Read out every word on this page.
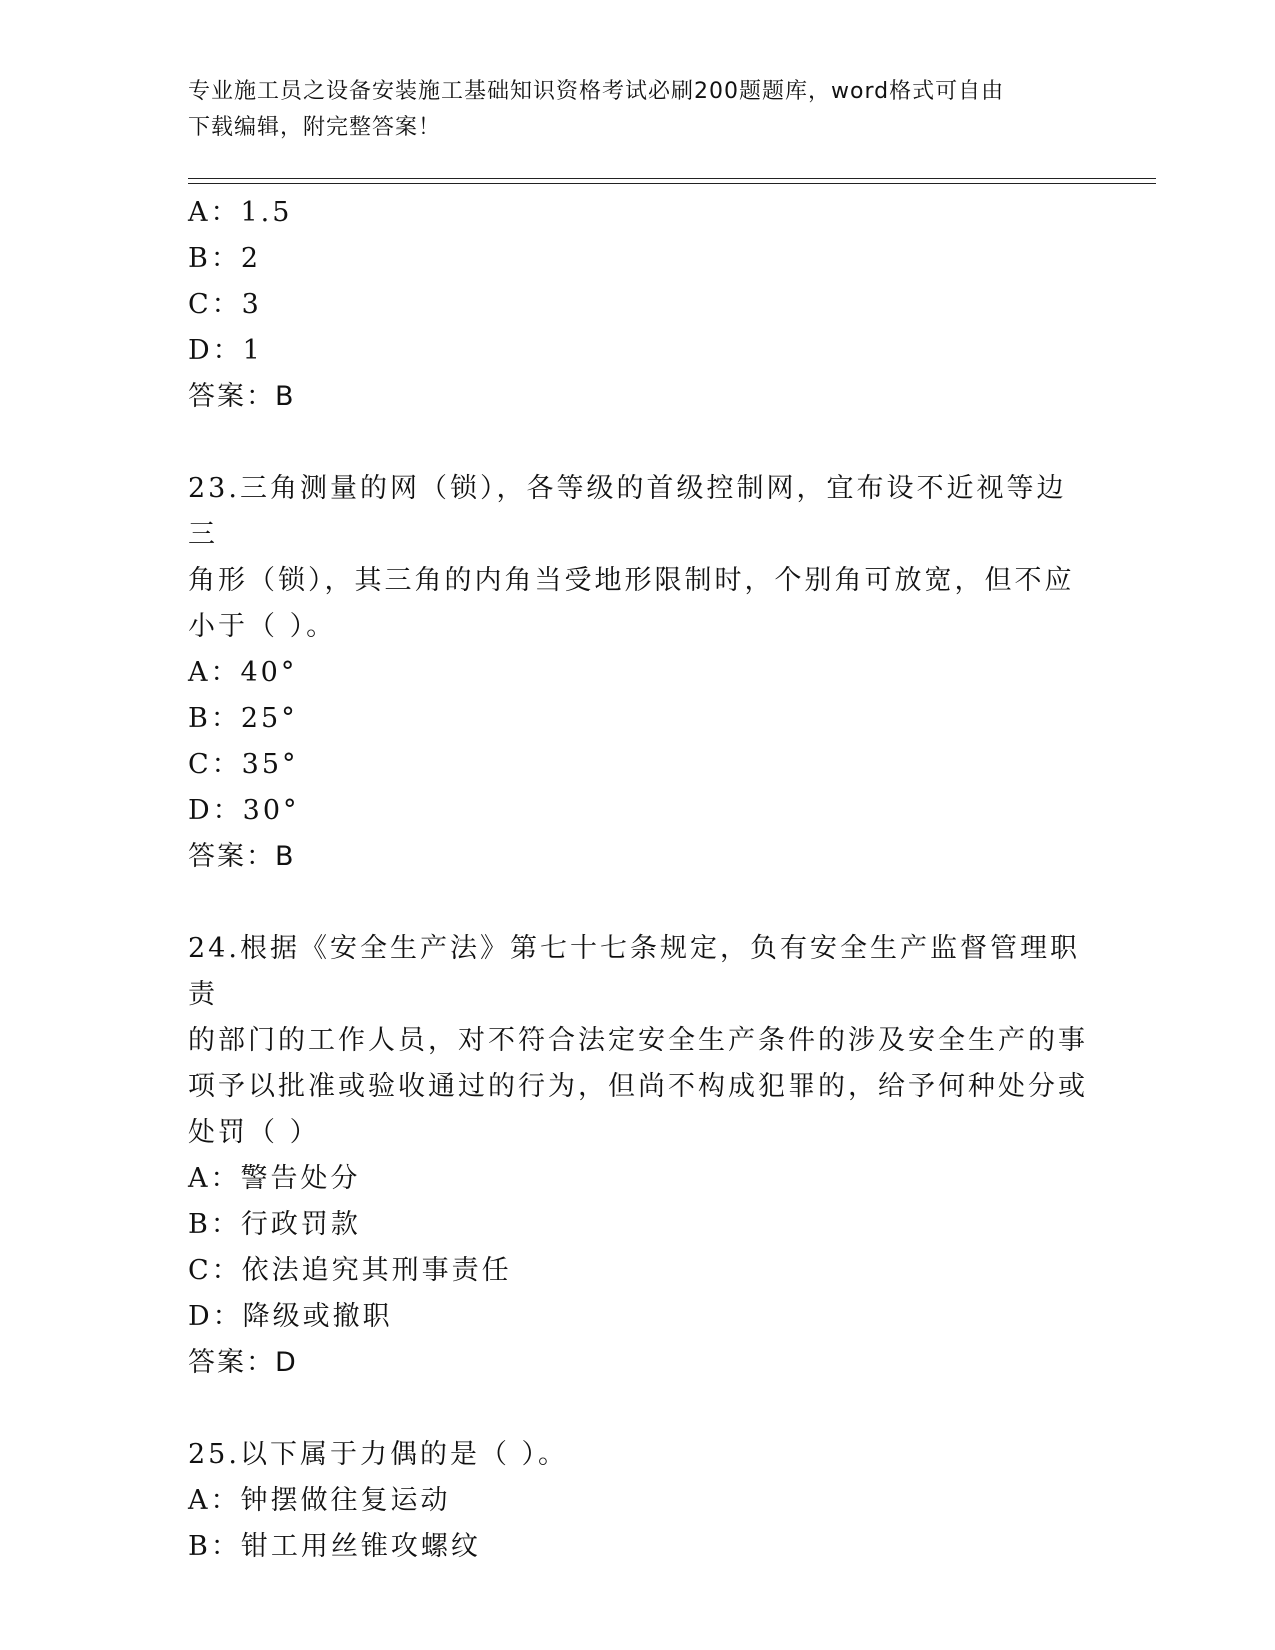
专业施工员之设备安装施工基础知识资格考试必刷200题题库，word格式可自由
下载编辑，附完整答案！
A：1.5
B：2
C：3
D：1
答案：B
23.三角测量的网（锁），各等级的首级控制网，宜布设不近视等边三
角形（锁），其三角的内角当受地形限制时，个别角可放宽，但不应
小于（ ）。
A：40°
B：25°
C：35°
D：30°
答案：B
24.根据《安全生产法》第七十七条规定，负有安全生产监督管理职责
的部门的工作人员，对不符合法定安全生产条件的涉及安全生产的事
项予以批准或验收通过的行为，但尚不构成犯罪的，给予何种处分或
处罚（ ）
A：警告处分
B：行政罚款
C：依法追究其刑事责任
D：降级或撤职
答案：D
25.以下属于力偶的是（ ）。
A：钟摆做往复运动
B：钳工用丝锥攻螺纹
